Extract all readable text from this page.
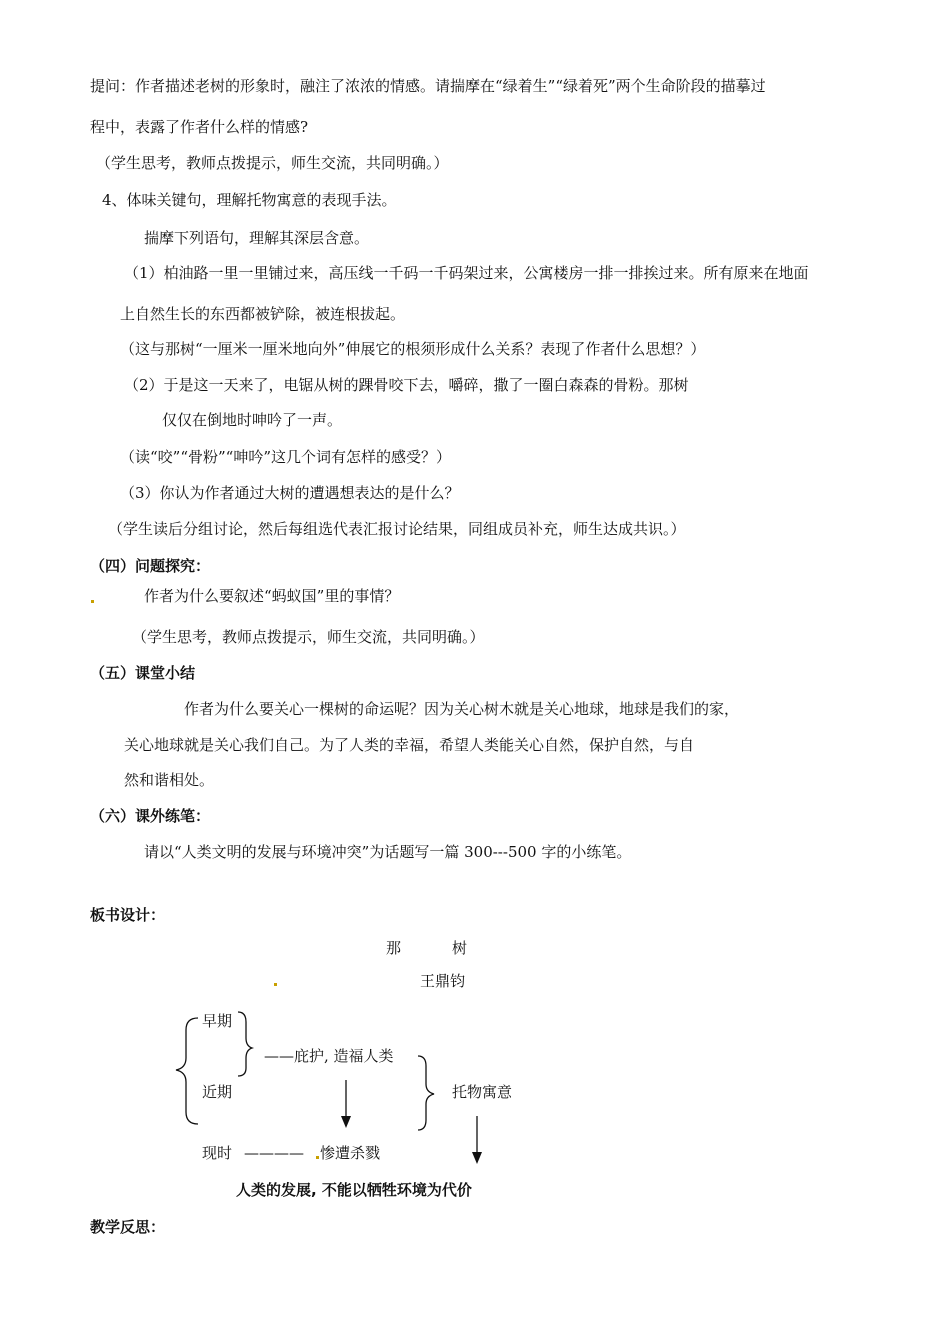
提问：作者描述老树的形象时，融注了浓浓的情感。请揣摩在“绿着生”“绿着死”两个生命阶段的描摹过
程中，表露了作者什么样的情感?
（学生思考，教师点拨提示，师生交流，共同明确。）
4、体味关键句，理解托物寓意的表现手法。
揣摩下列语句，理解其深层含意。
（1）柏油路一里一里铺过来，高压线一千码一千码架过来，公寓楼房一排一排挨过来。所有原来在地面
上自然生长的东西都被铲除，被连根拔起。
（这与那树“一厘米一厘米地向外”伸展它的根须形成什么关系？表现了作者什么思想？）
（2）于是这一天来了，电锯从树的踝骨咬下去，嚼碎，撒了一圈白森森的骨粉。那树
仅仅在倒地时呻吟了一声。
（读“咬”“骨粉”“呻吟”这几个词有怎样的感受？）
（3）你认为作者通过大树的遭遇想表达的是什么？
（学生读后分组讨论，然后每组选代表汇报讨论结果，同组成员补充，师生达成共识。）
（四）问题探究：
作者为什么要叙述“蚂蚁国”里的事情？
（学生思考，教师点拨提示，师生交流，共同明确。）
（五）课堂小结
作者为什么要关心一棵树的命运呢？因为关心树木就是关心地球，地球是我们的家，
关心地球就是关心我们自己。为了人类的幸福，希望人类能关心自然，保护自然，与自
然和谐相处。
（六）课外练笔：
请以“人类文明的发展与环境冲突”为话题写一篇 300---500 字的小练笔。
板书设计：
那	树
王鼎钧
早期
——庇护, 造福人类
近期	托物寓意
现时 ———— 惨遭杀戮
人类的发展, 不能以牺牲环境为代价
教学反思：
